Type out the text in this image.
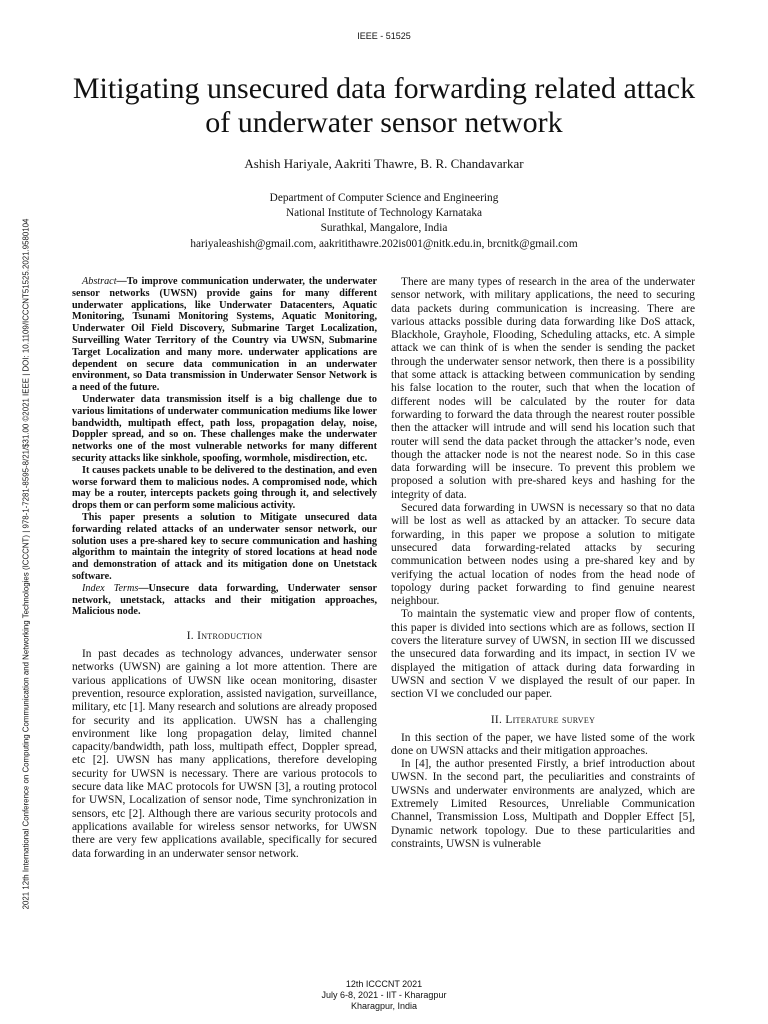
IEEE - 51525
Mitigating unsecured data forwarding related attack of underwater sensor network
Ashish Hariyale, Aakriti Thawre, B. R. Chandavarkar
Department of Computer Science and Engineering
National Institute of Technology Karnataka
Surathkal, Mangalore, India
hariyaleashish@gmail.com, aakritithawre.202is001@nitk.edu.in, brcnitk@gmail.com
2021 12th International Conference on Computing Communication and Networking Technologies (ICCCNT) | 978-1-7281-8595-8/21/$31.00 ©2021 IEEE | DOI: 10.1109/ICCCNT51525.2021.9580104	Abstract—To improve communication underwater, the underwater sensor networks (UWSN) provide gains for many different underwater applications, like Underwater Datacenters, Aquatic Monitoring, Tsunami Monitoring Systems, Aquatic Monitoring, Underwater Oil Field Discovery, Submarine Target Localization, Surveilling Water Territory of the Country via UWSN, Submarine Target Localization and many more. underwater applications are dependent on secure data communication in an underwater environment, so Data transmission in Underwater Sensor Network is a need of the future.

Underwater data transmission itself is a big challenge due to various limitations of underwater communication mediums like lower bandwidth, multipath effect, path loss, propagation delay, noise, Doppler spread, and so on. These challenges make the underwater networks one of the most vulnerable networks for many different security attacks like sinkhole, spoofing, wormhole, misdirection, etc.

It causes packets unable to be delivered to the destination, and even worse forward them to malicious nodes. A compromised node, which may be a router, intercepts packets going through it, and selectively drops them or can perform some malicious activity.

This paper presents a solution to Mitigate unsecured data forwarding related attacks of an underwater sensor network, our solution uses a pre-shared key to secure communication and hashing algorithm to maintain the integrity of stored locations at head node and demonstration of attack and its mitigation done on Unetstack software.

Index Terms—Unsecure data forwarding, Underwater sensor network, unetstack, attacks and their mitigation approaches, Malicious node.

I. Introduction

In past decades as technology advances, underwater sensor networks (UWSN) are gaining a lot more attention. There are various applications of UWSN like ocean monitoring, disaster prevention, resource exploration, assisted navigation, surveillance, military, etc [1]. Many research and solutions are already proposed for security and its application. UWSN has a challenging environment like long propagation delay, limited channel capacity/bandwidth, path loss, multipath effect, Doppler spread, etc [2]. UWSN has many applications, therefore developing security for UWSN is necessary. There are various protocols to secure data like MAC protocols for UWSN [3], a routing protocol for UWSN, Localization of sensor node, Time synchronization in sensors, etc [2]. Although there are various security protocols and applications available for wireless sensor networks, for UWSN there are very few applications available, specifically for secured data forwarding in an underwater sensor network.

There are many types of research in the area of the underwater sensor network, with military applications, the need to securing data packets during communication is increasing. There are various attacks possible during data forwarding like DoS attack, Blackhole, Grayhole, Flooding, Scheduling attacks, etc. A simple attack we can think of is when the sender is sending the packet through the underwater sensor network, then there is a possibility that some attack is attacking between communication by sending his false location to the router, such that when the location of different nodes will be calculated by the router for data forwarding to forward the data through the nearest router possible then the attacker will intrude and will send his location such that router will send the data packet through the attacker’s node, even though the attacker node is not the nearest node. So in this case data forwarding will be insecure. To prevent this problem we proposed a solution with pre-shared keys and hashing for the integrity of data.

Secured data forwarding in UWSN is necessary so that no data will be lost as well as attacked by an attacker. To secure data forwarding, in this paper we propose a solution to mitigate unsecured data forwarding-related attacks by securing communication between nodes using a pre-shared key and by verifying the actual location of nodes from the head node of topology during packet forwarding to find genuine nearest neighbour.

To maintain the systematic view and proper flow of contents, this paper is divided into sections which are as follows, section II covers the literature survey of UWSN, in section III we discussed the unsecured data forwarding and its impact, in section IV we displayed the mitigation of attack during data forwarding in UWSN and section V we displayed the result of our paper. In section VI we concluded our paper.

II. Literature survey

In this section of the paper, we have listed some of the work done on UWSN attacks and their mitigation approaches.

In [4], the author presented Firstly, a brief introduction about UWSN. In the second part, the peculiarities and constraints of UWSNs and underwater environments are analyzed, which are Extremely Limited Resources, Unreliable Communication Channel, Transmission Loss, Multipath and Doppler Effect [5], Dynamic network topology. Due to these particularities and constraints, UWSN is vulnerable

12th ICCCNT 2021
July 6-8, 2021 - IIT - Kharagpur
Kharagpur, India
